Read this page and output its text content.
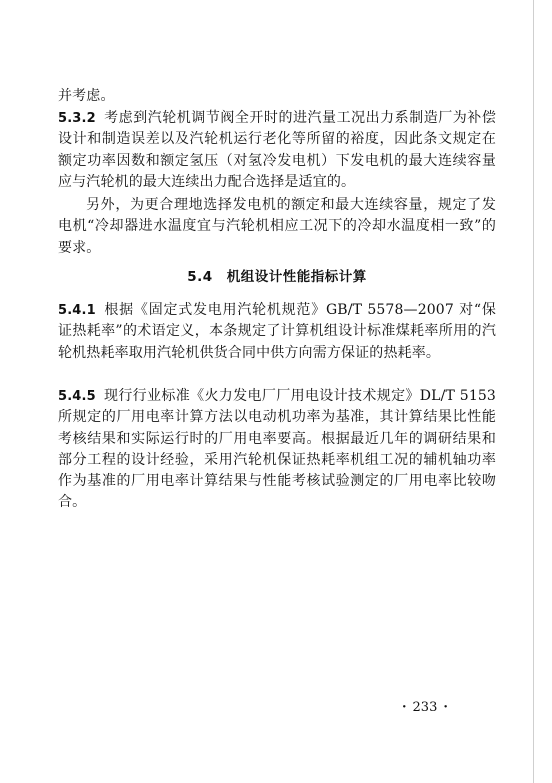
并考虑。

5.3.2 考虑到汽轮机调节阀全开时的进汽量工况出力系制造厂为补偿设计和制造误差以及汽轮机运行老化等所留的裕度，因此条文规定在额定功率因数和额定氢压（对氢冷发电机）下发电机的最大连续容量应与汽轮机的最大连续出力配合选择是适宜的。

另外，为更合理地选择发电机的额定和最大连续容量，规定了发电机“冷却器进水温度宜与汽轮机相应工况下的冷却水温度相一致”的要求。

5.4 机组设计性能指标计算

5.4.1 根据《固定式发电用汽轮机规范》GB/T 5578—2007 对“保证热耗率”的术语定义，本条规定了计算机组设计标准煤耗率所用的汽轮机热耗率取用汽轮机供货合同中供方向需方保证的热耗率。

5.4.5 现行行业标准《火力发电厂厂用电设计技术规定》DL/T 5153 所规定的厂用电率计算方法以电动机功率为基准，其计算结果比性能考核结果和实际运行时的厂用电率要高。根据最近几年的调研结果和部分工程的设计经验，采用汽轮机保证热耗率机组工况的辅机轴功率作为基准的厂用电率计算结果与性能考核试验测定的厂用电率比较吻合。

· 233 ·
